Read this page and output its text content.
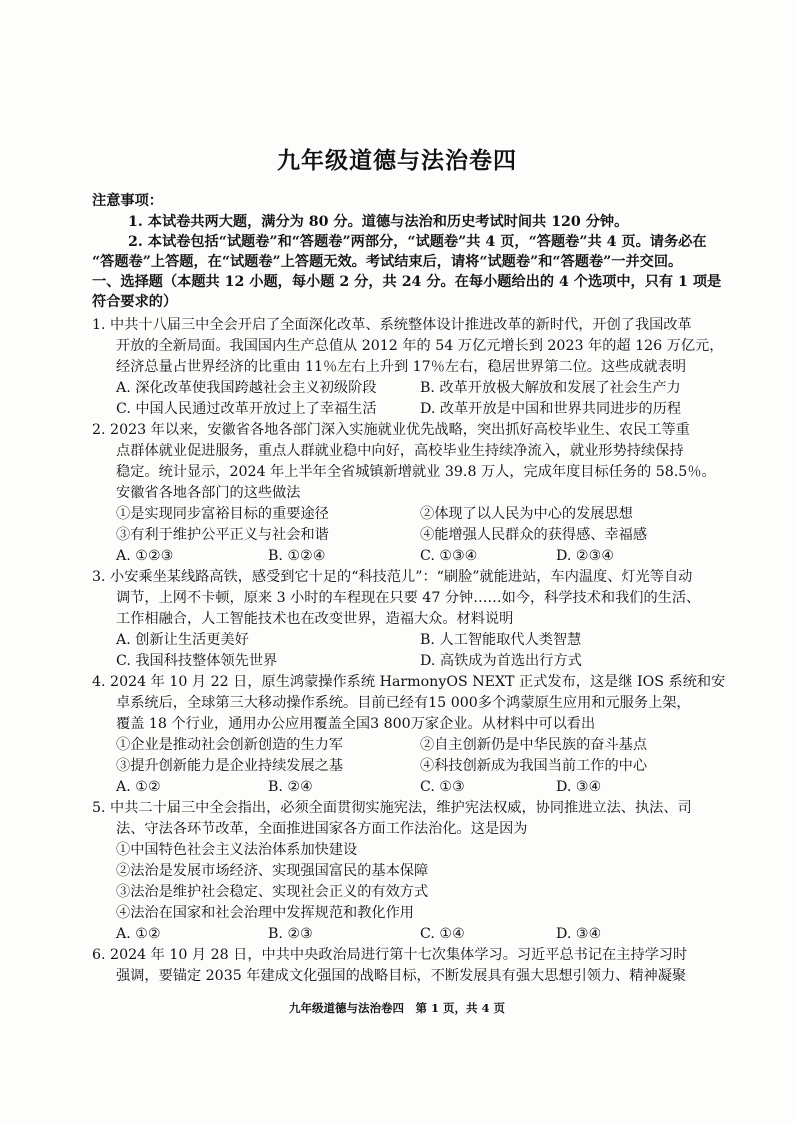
九年级道德与法治卷四
注意事项：
1. 本试卷共两大题，满分为 80 分。道德与法治和历史考试时间共 120 分钟。
2. 本试卷包括“试题卷”和“答题卷”两部分，“试题卷”共 4 页，“答题卷”共 4 页。请务必在
“答题卷”上答题，在“试题卷”上答题无效。考试结束后，请将“试题卷”和“答题卷”一并交回。
一、选择题（本题共 12 小题，每小题 2 分，共 24 分。在每小题给出的 4 个选项中，只有 1 项是
符合要求的）
1. 中共十八届三中全会开启了全面深化改革、系统整体设计推进改革的新时代，开创了我国改革
开放的全新局面。我国国内生产总值从 2012 年的 54 万亿元增长到 2023 年的超 126 万亿元，
经济总量占世界经济的比重由 11％左右上升到 17％左右，稳居世界第二位。这些成就表明
A. 深化改革使我国跨越社会主义初级阶段	B. 改革开放极大解放和发展了社会生产力
C. 中国人民通过改革开放过上了幸福生活	D. 改革开放是中国和世界共同进步的历程
2. 2023 年以来，安徽省各地各部门深入实施就业优先战略，突出抓好高校毕业生、农民工等重
点群体就业促进服务，重点人群就业稳中向好，高校毕业生持续净流入，就业形势持续保持
稳定。统计显示，2024 年上半年全省城镇新增就业 39.8 万人，完成年度目标任务的 58.5％。
安徽省各地各部门的这些做法
①是实现同步富裕目标的重要途径	②体现了以人民为中心的发展思想
③有利于维护公平正义与社会和谐	④能增强人民群众的获得感、幸福感
A. ①②③	B. ①②④	C. ①③④	D. ②③④
3. 小安乘坐某线路高铁，感受到它十足的“科技范儿”：“刷脸”就能进站，车内温度、灯光等自动
调节，上网不卡顿，原来 3 小时的车程现在只要 47 分钟……如今，科学技术和我们的生活、
工作相融合，人工智能技术也在改变世界，造福大众。材料说明
A. 创新让生活更美好	B. 人工智能取代人类智慧
C. 我国科技整体领先世界	D. 高铁成为首选出行方式
4. 2024 年 10 月 22 日，原生鸿蒙操作系统 HarmonyOS NEXT 正式发布，这是继 IOS 系统和安
卓系统后，全球第三大移动操作系统。目前已经有15 000多个鸿蒙原生应用和元服务上架，
覆盖 18 个行业，通用办公应用覆盖全国3 800万家企业。从材料中可以看出
①企业是推动社会创新创造的生力军	②自主创新仍是中华民族的奋斗基点
③提升创新能力是企业持续发展之基	④科技创新成为我国当前工作的中心
A. ①②	B. ②④	C. ①③	D. ③④
5. 中共二十届三中全会指出，必须全面贯彻实施宪法，维护宪法权威，协同推进立法、执法、司
法、守法各环节改革，全面推进国家各方面工作法治化。这是因为
①中国特色社会主义法治体系加快建设
②法治是发展市场经济、实现强国富民的基本保障
③法治是维护社会稳定、实现社会正义的有效方式
④法治在国家和社会治理中发挥规范和教化作用
A. ①②	B. ②③	C. ①④	D. ③④
6. 2024 年 10 月 28 日，中共中央政治局进行第十七次集体学习。习近平总书记在主持学习时
强调，要锚定 2035 年建成文化强国的战略目标，不断发展具有强大思想引领力、精神凝聚
九年级道德与法治卷四　第 1 页，共 4 页
